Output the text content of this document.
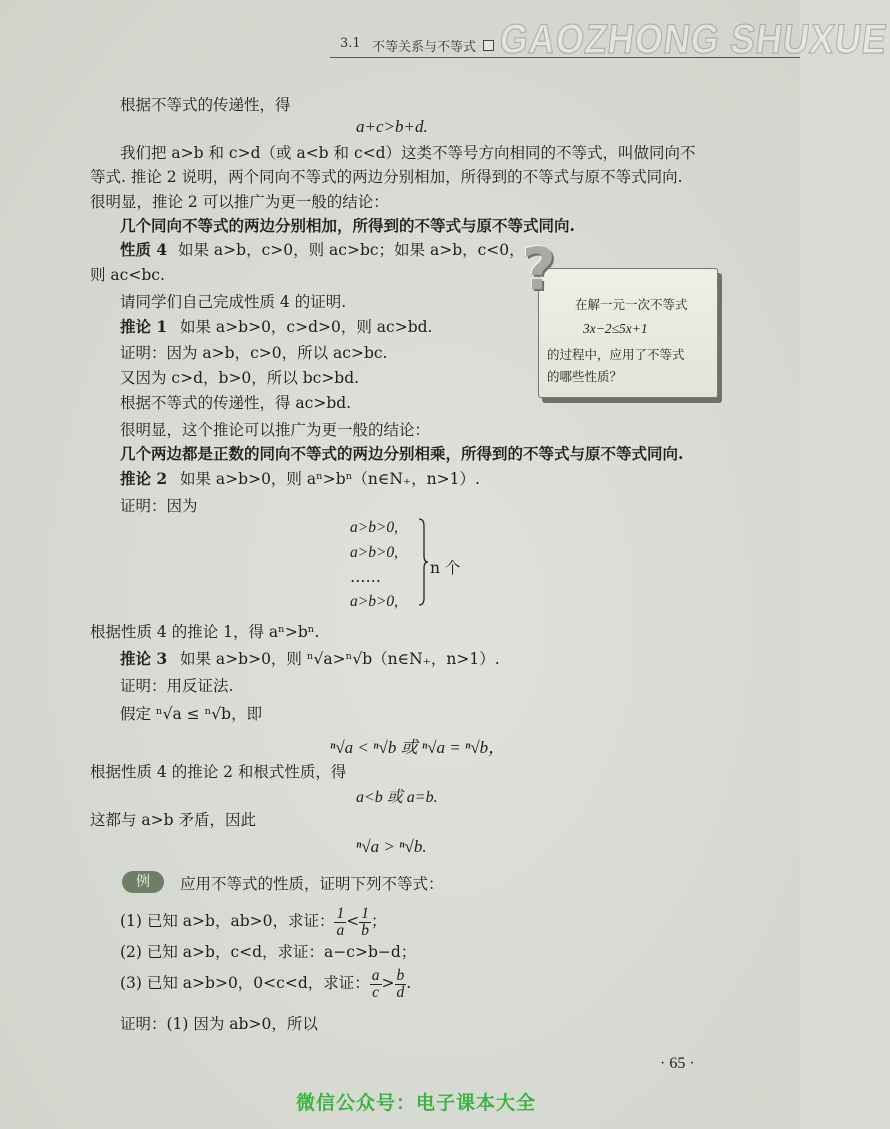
3.1 不等关系与不等式 GAOZHONG SHUXUE
根据不等式的传递性，得
a+c>b+d.
我们把 a>b 和 c>d（或 a<b 和 c<d）这类不等号方向相同的不等式，叫做同向不
等式. 推论 2 说明，两个同向不等式的两边分别相加，所得到的不等式与原不等式同向.
很明显，推论 2 可以推广为更一般的结论：
几个同向不等式的两边分别相加，所得到的不等式与原不等式同向.
性质 4 如果 a>b，c>0，则 ac>bc；如果 a>b，c<0，
则 ac<bc.
请同学们自己完成性质 4 的证明.
推论 1 如果 a>b>0，c>d>0，则 ac>bd.
证明：因为 a>b，c>0，所以 ac>bc.
又因为 c>d，b>0，所以 bc>bd.
根据不等式的传递性，得 ac>bd.
很明显，这个推论可以推广为更一般的结论：
几个两边都是正数的同向不等式的两边分别相乘，所得到的不等式与原不等式同向.
推论 2 如果 a>b>0，则 aⁿ>bⁿ（n∈N₊，n>1）.
证明：因为
a>b>0,
a>b>0,
……
a>b>0,
n 个
根据性质 4 的推论 1，得 aⁿ>bⁿ.
推论 3 如果 a>b>0，则 ⁿ√a>ⁿ√b（n∈N₊，n>1）.
证明：用反证法.
假定 ⁿ√a ≤ ⁿ√b，即
ⁿ√a < ⁿ√b 或 ⁿ√a = ⁿ√b，
根据性质 4 的推论 2 和根式性质，得
a<b 或 a=b.
这都与 a>b 矛盾，因此
ⁿ√a > ⁿ√b.
例	应用不等式的性质，证明下列不等式：
(1) 已知 a>b，ab>0，求证： $\frac{1}{a} < \frac{1}{b}$ ；
(2) 已知 a>b，c<d，求证：a−c>b−d；
(3) 已知 a>b>0，0<c<d，求证： $\frac{a}{c} > \frac{b}{d}$ .
证明：(1) 因为 ab>0，所以
在解一元一次不等式
3x−2≤5x+1
的过程中，应用了不等式
的哪些性质？
?
· 65 ·
微信公众号：电子课本大全
